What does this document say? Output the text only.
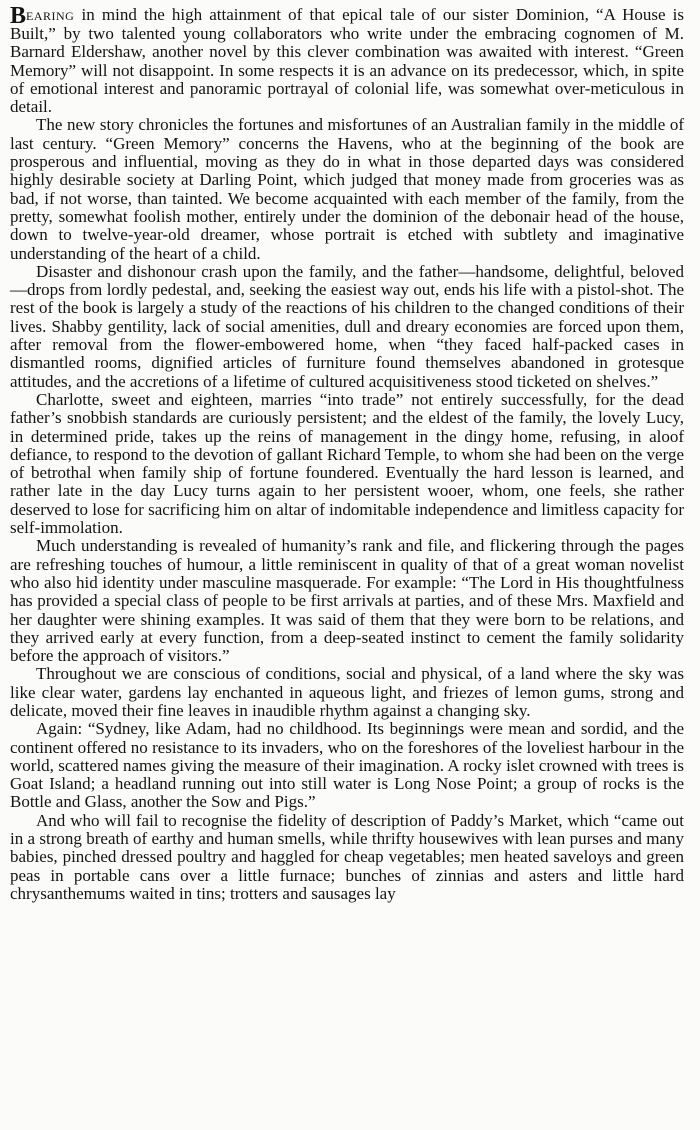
Bearing in mind the high attainment of that epical tale of our sister Dominion, “A House is Built,” by two talented young collaborators who write under the embracing cognomen of M. Barnard Eldershaw, another novel by this clever combination was awaited with interest. “Green Memory” will not disappoint. In some respects it is an advance on its predecessor, which, in spite of emotional interest and panoramic portrayal of colonial life, was somewhat over-meticulous in detail.

The new story chronicles the fortunes and misfortunes of an Australian family in the middle of last century. “Green Memory” concerns the Havens, who at the beginning of the book are prosperous and influential, moving as they do in what in those departed days was considered highly desirable society at Darling Point, which judged that money made from groceries was as bad, if not worse, than tainted. We become acquainted with each member of the family, from the pretty, somewhat foolish mother, entirely under the dominion of the debonair head of the house, down to twelve-year-old dreamer, whose portrait is etched with subtlety and imaginative understanding of the heart of a child.

Disaster and dishonour crash upon the family, and the father—handsome, delightful, beloved—drops from lordly pedestal, and, seeking the easiest way out, ends his life with a pistol-shot. The rest of the book is largely a study of the reactions of his children to the changed conditions of their lives. Shabby gentility, lack of social amenities, dull and dreary economies are forced upon them, after removal from the flower-embowered home, when “they faced half-packed cases in dismantled rooms, dignified articles of furniture found themselves abandoned in grotesque attitudes, and the accretions of a lifetime of cultured acquisitiveness stood ticketed on shelves.”

Charlotte, sweet and eighteen, marries “into trade” not entirely successfully, for the dead father’s snobbish standards are curiously persistent; and the eldest of the family, the lovely Lucy, in determined pride, takes up the reins of management in the dingy home, refusing, in aloof defiance, to respond to the devotion of gallant Richard Temple, to whom she had been on the verge of betrothal when family ship of fortune foundered. Eventually the hard lesson is learned, and rather late in the day Lucy turns again to her persistent wooer, whom, one feels, she rather deserved to lose for sacrificing him on altar of indomitable independence and limitless capacity for self-immolation.

Much understanding is revealed of humanity’s rank and file, and flickering through the pages are refreshing touches of humour, a little reminiscent in quality of that of a great woman novelist who also hid identity under masculine masquerade. For example: “The Lord in His thoughtfulness has provided a special class of people to be first arrivals at parties, and of these Mrs. Maxfield and her daughter were shining examples. It was said of them that they were born to be relations, and they arrived early at every function, from a deep-seated instinct to cement the family solidarity before the approach of visitors.”

Throughout we are conscious of conditions, social and physical, of a land where the sky was like clear water, gardens lay enchanted in aqueous light, and friezes of lemon gums, strong and delicate, moved their fine leaves in inaudible rhythm against a changing sky.

Again: “Sydney, like Adam, had no childhood. Its beginnings were mean and sordid, and the continent offered no resistance to its invaders, who on the foreshores of the loveliest harbour in the world, scattered names giving the measure of their imagination. A rocky islet crowned with trees is Goat Island; a headland running out into still water is Long Nose Point; a group of rocks is the Bottle and Glass, another the Sow and Pigs.”

And who will fail to recognise the fidelity of description of Paddy’s Market, which “came out in a strong breath of earthy and human smells, while thrifty housewives with lean purses and many babies, pinched dressed poultry and haggled for cheap vegetables; men heated saveloys and green peas in portable cans over a little furnace; bunches of zinnias and asters and little hard chrysanthemums waited in tins; trotters and sausages lay
